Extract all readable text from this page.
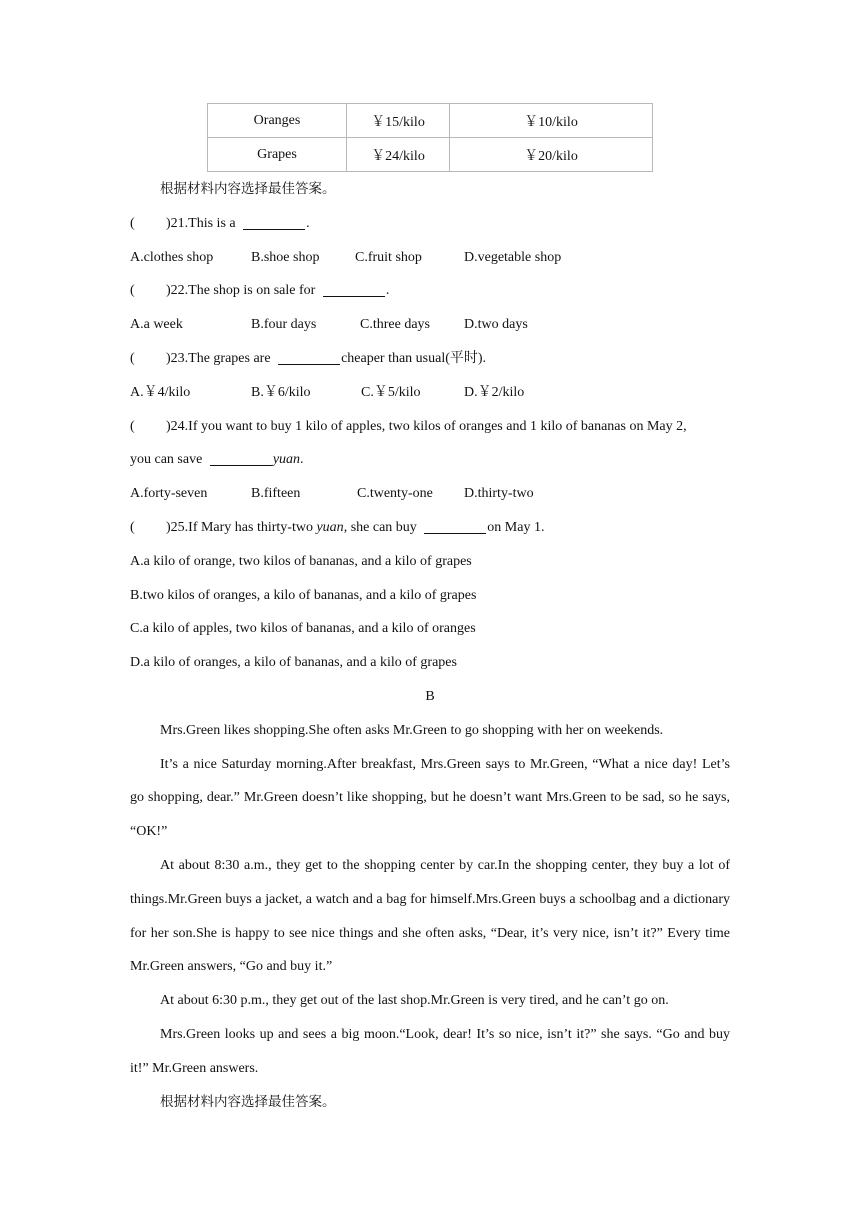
Oranges	￥15/kilo	￥10/kilo
Grapes	￥24/kilo	￥20/kilo
根据材料内容选择最佳答案。
( )21.This is a	.
A.clothes shop	B.shoe shop	C.fruit shop	D.vegetable shop
( )22.The shop is on sale for	.
A.a week	B.four days	C.three days D.two days
( )23.The grapes are	cheaper than usual(平时).
A.￥4/kilo	B.￥6/kilo	C.￥5/kilo	D.￥2/kilo
( )24.If you want to buy 1 kilo of apples, two kilos of oranges and 1 kilo of bananas on May 2,
you can save	yuan.
A.forty-seven	B.fifteen	C.twenty-one D.thirty-two
( )25.If Mary has thirty-two yuan, she can buy	on May 1.
A.a kilo of orange, two kilos of bananas, and a kilo of grapes
B.two kilos of oranges, a kilo of bananas, and a kilo of grapes
C.a kilo of apples, two kilos of bananas, and a kilo of oranges
D.a kilo of oranges, a kilo of bananas, and a kilo of grapes
B
Mrs.Green likes shopping.She often asks Mr.Green to go shopping with her on weekends.
It’s a nice Saturday morning.After breakfast, Mrs.Green says to Mr.Green, “What a nice day! Let’s go shopping, dear.” Mr.Green doesn’t like shopping, but he doesn’t want Mrs.Green to be sad, so he says, “OK!”
At about 8:30 a.m., they get to the shopping center by car.In the shopping center, they buy a lot of things.Mr.Green buys a jacket, a watch and a bag for himself.Mrs.Green buys a schoolbag and a dictionary for her son.She is happy to see nice things and she often asks, “Dear, it’s very nice, isn’t it?” Every time Mr.Green answers, “Go and buy it.”
At about 6:30 p.m., they get out of the last shop.Mr.Green is very tired, and he can’t go on.
Mrs.Green looks up and sees a big moon.“Look, dear! It’s so nice, isn’t it?” she says. “Go and buy it!” Mr.Green answers.
根据材料内容选择最佳答案。
